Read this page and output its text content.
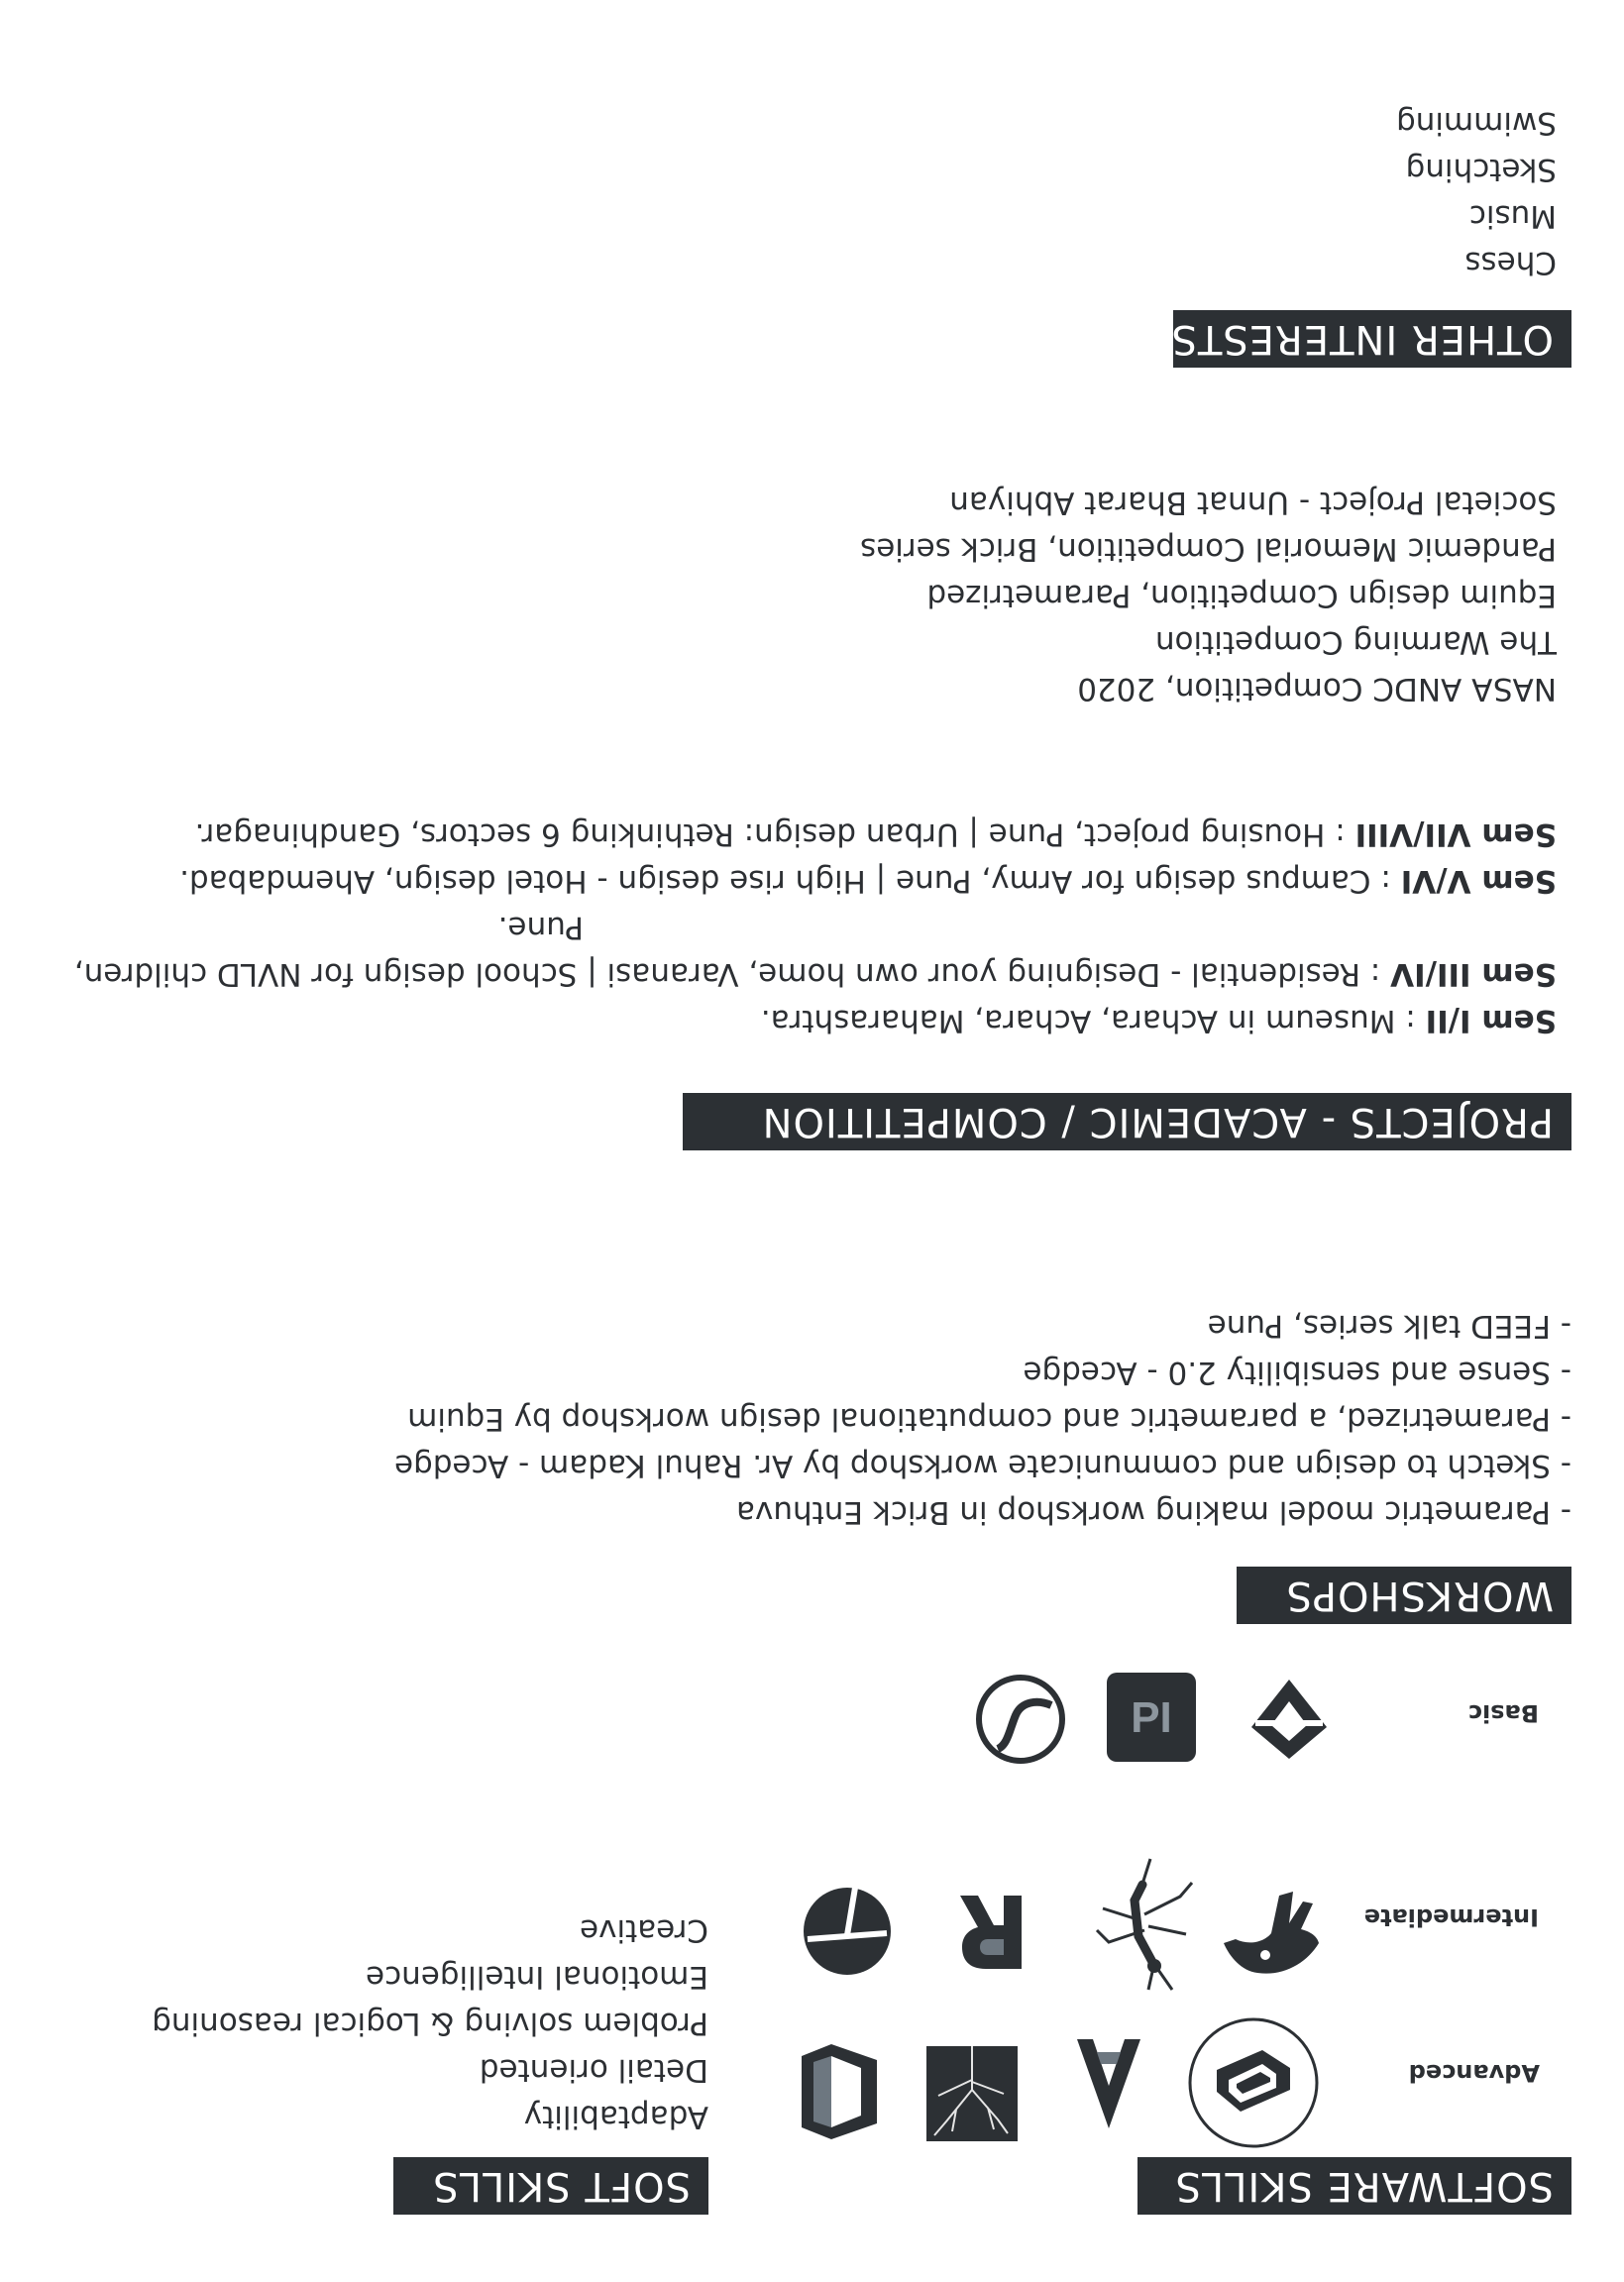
SOFTWARE SKILLS
Advanced
Intermediate
Basic
PI
SOFT SKILLS
Adaptability
Detail oriented
Problem solving & Logical reasoning
Emotional Intelligence
Creative
WORKSHOPS
- Parametric model making workshop in Brick Enthuva
- Sketch to design and communicate workshop by Ar. Rahul Kadam - Acedge
- Parametrized, a parametric and computational design workshop by Equim
- Sense and sensibility 2.0 - Acedge
- FEED talk series, Pune
PROJECTS - ACADEMIC / COMPETITION
Sem I/II : Museum in Achara, Achara, Maharashtra.
Sem III/IV : Residential - Designing your own home, Varanasi | School design for NVLD children,
Pune.
Sem V/VI : Campus design for Army, Pune | High rise design - Hotel design, Ahemdabad.
Sem VII/VIII : Housing project, Pune | Urban design: Rethinking 6 sectors, Gandhinagar.
NASA ANDC Competition, 2020
The Warming Competition
Equim design Competition, Parametrized
Pandemic Memorial Competition, Brick series
Societal Project - Unnat Bharat Abhiyan
OTHER INTERESTS
Chess
Music
Sketching
Swimming
